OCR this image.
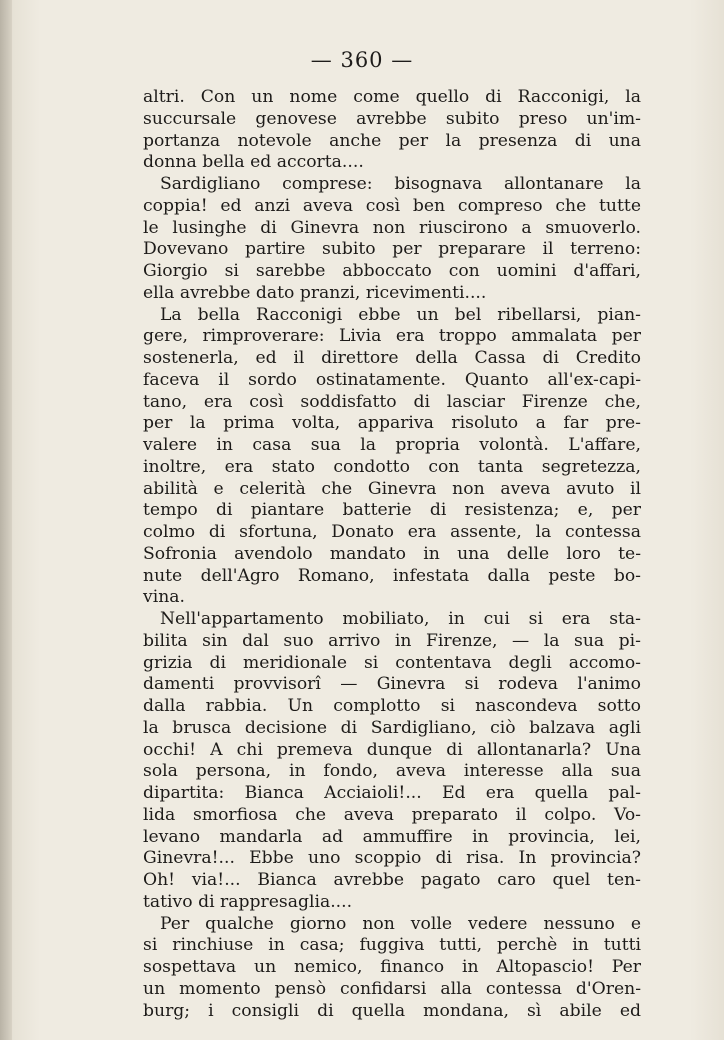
— 360 —
altri. Con un nome come quello di Racconigi, la
succursale genovese avrebbe subito preso un'im-
portanza notevole anche per la presenza di una
donna bella ed accorta....
Sardigliano comprese: bisognava allontanare la
coppia! ed anzi aveva così ben compreso che tutte
le lusinghe di Ginevra non riuscirono a smuoverlo.
Dovevano partire subito per preparare il terreno:
Giorgio si sarebbe abboccato con uomini d'affari,
ella avrebbe dato pranzi, ricevimenti....
La bella Racconigi ebbe un bel ribellarsi, pian-
gere, rimproverare: Livia era troppo ammalata per
sostenerla, ed il direttore della Cassa di Credito
faceva il sordo ostinatamente. Quanto all'ex-capi-
tano, era così soddisfatto di lasciar Firenze che,
per la prima volta, appariva risoluto a far pre-
valere in casa sua la propria volontà. L'affare,
inoltre, era stato condotto con tanta segretezza,
abilità e celerità che Ginevra non aveva avuto il
tempo di piantare batterie di resistenza; e, per
colmo di sfortuna, Donato era assente, la contessa
Sofronia avendolo mandato in una delle loro te-
nute dell'Agro Romano, infestata dalla peste bo-
vina.
Nell'appartamento mobiliato, in cui si era sta-
bilita sin dal suo arrivo in Firenze, — la sua pi-
grizia di meridionale si contentava degli accomo-
damenti provvisorî — Ginevra si rodeva l'animo
dalla rabbia. Un complotto si nascondeva sotto
la brusca decisione di Sardigliano, ciò balzava agli
occhi! A chi premeva dunque di allontanarla? Una
sola persona, in fondo, aveva interesse alla sua
dipartita: Bianca Acciaioli!... Ed era quella pal-
lida smorfiosa che aveva preparato il colpo. Vo-
levano mandarla ad ammuffire in provincia, lei,
Ginevra!... Ebbe uno scoppio di risa. In provincia?
Oh! via!... Bianca avrebbe pagato caro quel ten-
tativo di rappresaglia....
Per qualche giorno non volle vedere nessuno e
si rinchiuse in casa; fuggiva tutti, perchè in tutti
sospettava un nemico, financo in Altopascio! Per
un momento pensò confidarsi alla contessa d'Oren-
burg; i consigli di quella mondana, sì abile ed
